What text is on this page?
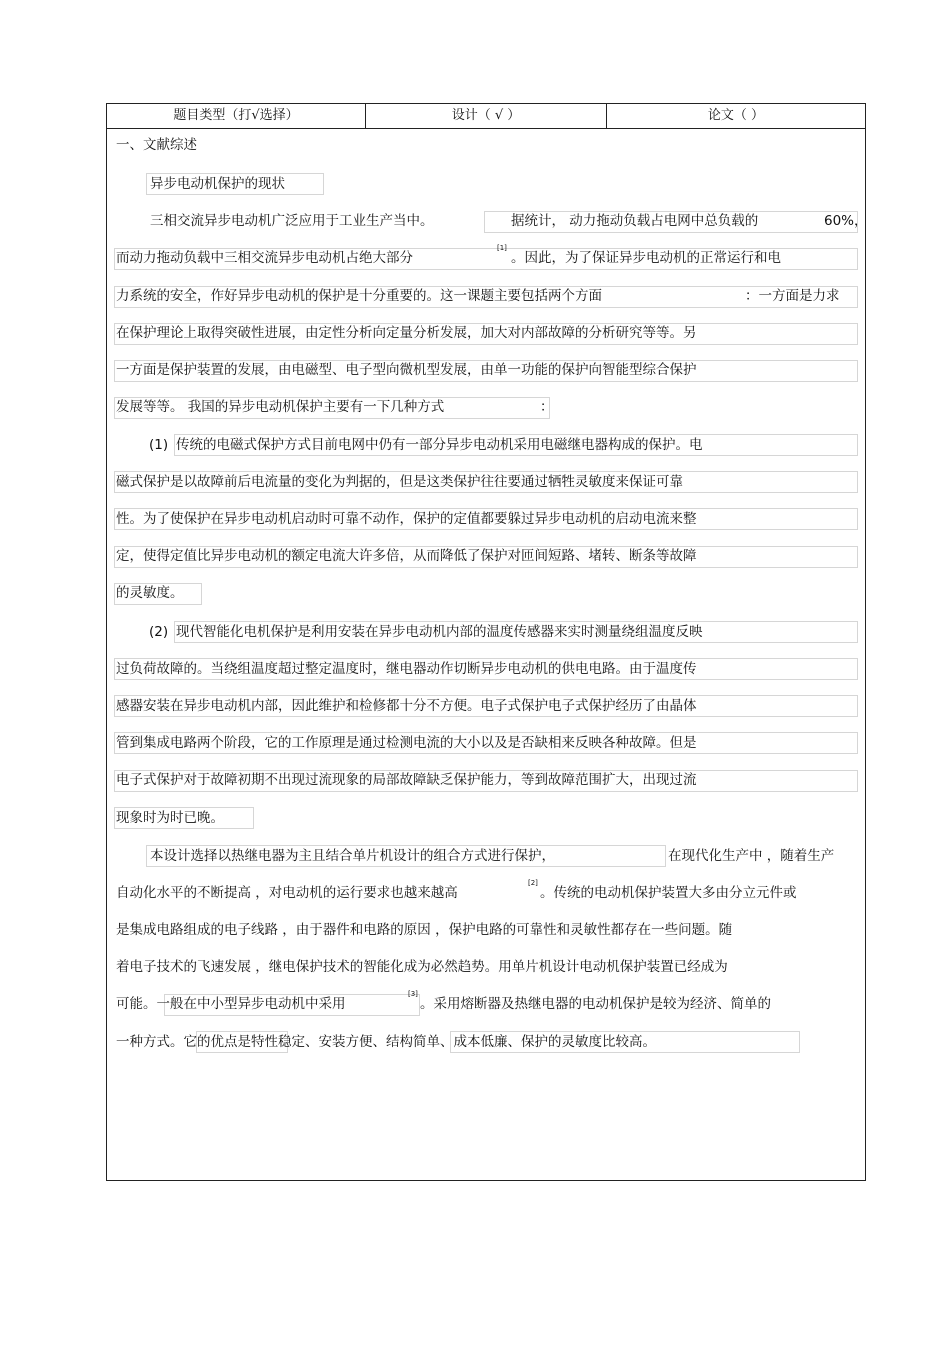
题目类型（打√选择）	设计（ √ ）	论文（ ）
一、文献综述
异步电动机保护的现状
三相交流异步电动机广泛应用于工业生产当中。	据统计， 动力拖动负载占电网中总负载的	60%，
而动力拖动负载中三相交流异步电动机占绝大部分
[1]
。因此，为了保证异步电动机的正常运行和电
力系统的安全，作好异步电动机的保护是十分重要的。这一课题主要包括两个方面	：一方面是力求
在保护理论上取得突破性进展，由定性分析向定量分析发展，加大对内部故障的分析研究等等。另
一方面是保护装置的发展，由电磁型、电子型向微机型发展，由单一功能的保护向智能型综合保护
发展等等。 我国的异步电动机保护主要有一下几种方式	：
(1) 传统的电磁式保护方式目前电网中仍有一部分异步电动机采用电磁继电器构成的保护。电
磁式保护是以故障前后电流量的变化为判据的，但是这类保护往往要通过牺牲灵敏度来保证可靠
性。为了使保护在异步电动机启动时可靠不动作，保护的定值都要躲过异步电动机的启动电流来整
定，使得定值比异步电动机的额定电流大许多倍，从而降低了保护对匝间短路、堵转、断条等故障
的灵敏度。
(2) 现代智能化电机保护是利用安装在异步电动机内部的温度传感器来实时测量绕组温度反映
过负荷故障的。当绕组温度超过整定温度时，继电器动作切断异步电动机的供电电路。由于温度传
感器安装在异步电动机内部，因此维护和检修都十分不方便。电子式保护电子式保护经历了由晶体
管到集成电路两个阶段，它的工作原理是通过检测电流的大小以及是否缺相来反映各种故障。但是
电子式保护对于故障初期不出现过流现象的局部故障缺乏保护能力，等到故障范围扩大，出现过流
现象时为时已晚。
本设计选择以热继电器为主且结合单片机设计的组合方式进行保护，	在现代化生产中 ，随着生产
自动化水平的不断提高 ，对电动机的运行要求也越来越高
[2]
。传统的电动机保护装置大多由分立元件或
是集成电路组成的电子线路 ，由于器件和电路的原因 ，保护电路的可靠性和灵敏性都存在一些问题。随
着电子技术的飞速发展 ，继电保护技术的智能化成为必然趋势。用单片机设计电动机保护装置已经成为
可能。一般在中小型异步电动机中采用
[3]
。采用熔断器及热继电器的电动机保护是较为经济、简单的
一种方式。它的优点是特性稳定、安装方便、结构简单、成本低廉、保护的灵敏度比较高。
